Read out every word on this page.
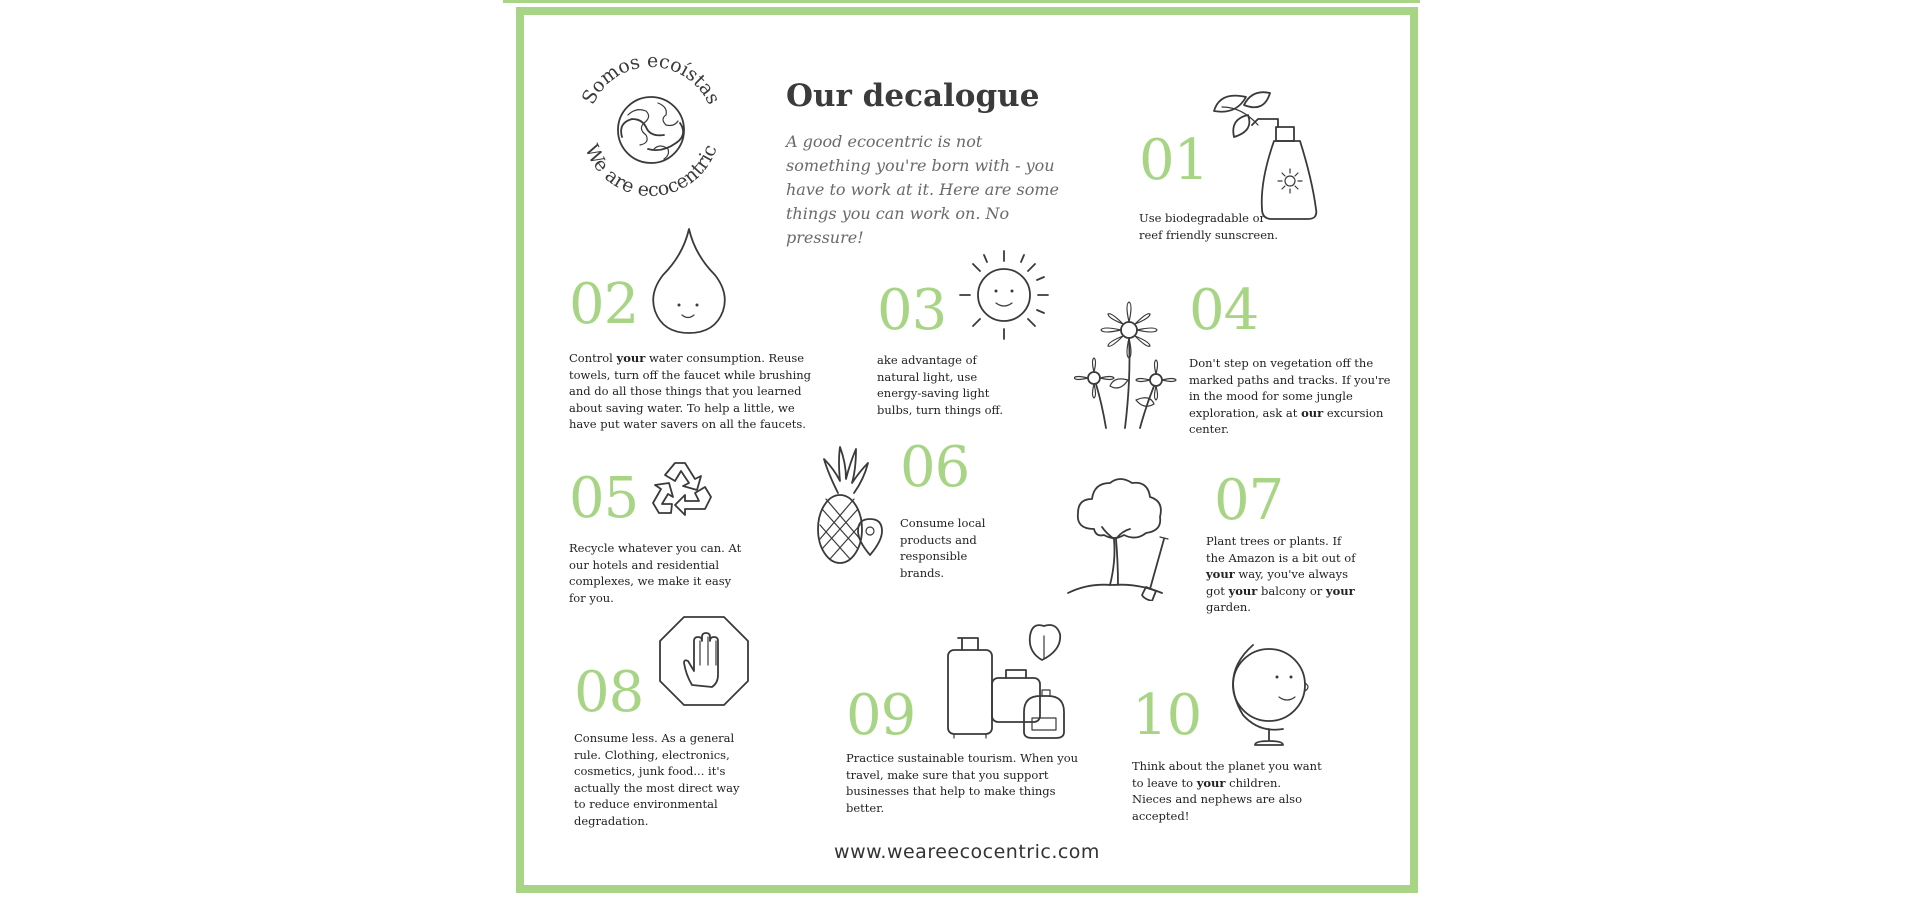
Somos ecoístas
We are ecocentric
Our decalogue

A good ecocentric is not something you're born with - you have to work at it. Here are some things you can work on. No pressure!

01

Use biodegradable or reef friendly sunscreen.

02

Control your water consumption. Reuse towels, turn off the faucet while brushing and do all those things that you learned about saving water. To help a little, we have put water savers on all the faucets.

03

ake advantage of natural light, use energy-saving light bulbs, turn things off.

04

Don't step on vegetation off the marked paths and tracks. If you're in the mood for some jungle exploration, ask at our excursion center.

05

Recycle whatever you can. At our hotels and residential complexes, we make it easy for you.

06

Consume local products and responsible brands.

07

Plant trees or plants. If the Amazon is a bit out of your way, you've always got your balcony or your garden.

08

Consume less. As a general rule. Clothing, electronics, cosmetics, junk food... it's actually the most direct way to reduce environmental degradation.

09

Practice sustainable tourism. When you travel, make sure that you support businesses that help to make things better.

10

Think about the planet you want to leave to your children. Nieces and nephews are also accepted!

www.weareecocentric.com
